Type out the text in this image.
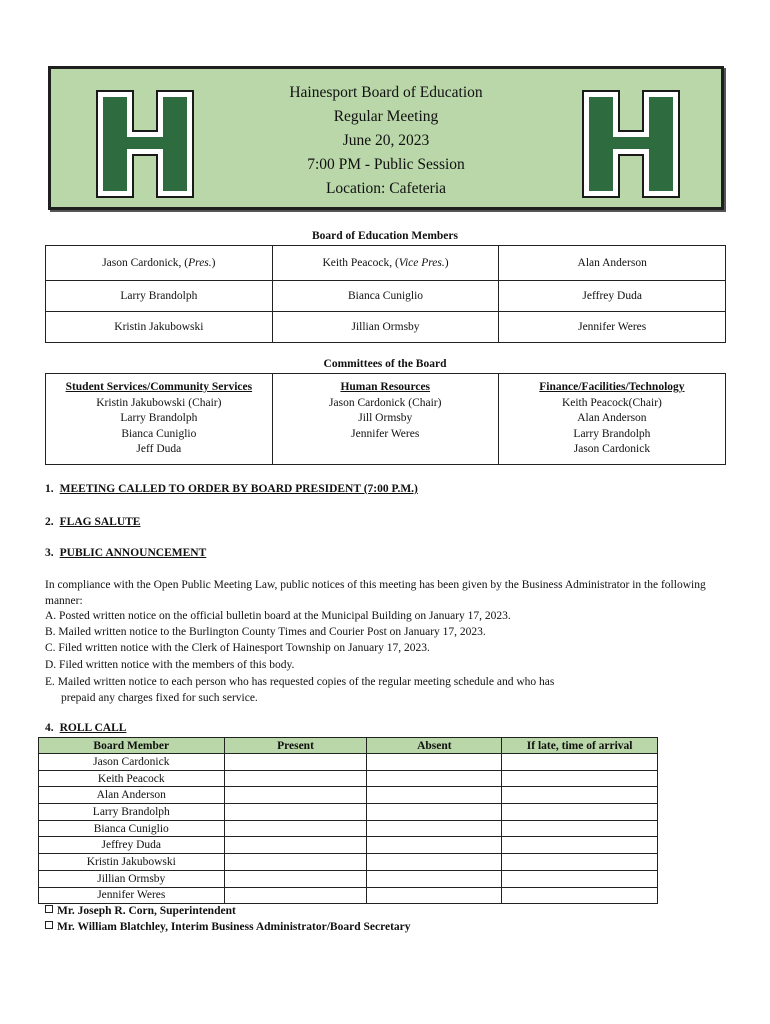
Hainesport Board of Education
Regular Meeting
June 20, 2023
7:00 PM - Public Session
Location: Cafeteria
Board of Education Members
Jason Cardonick, (Pres.)	Keith Peacock, (Vice Pres.)	Alan Anderson
Larry Brandolph	Bianca Cuniglio	Jeffrey Duda
Kristin Jakubowski	Jillian Ormsby	Jennifer Weres
Committees of the Board
Student Services/Community Services
Kristin Jakubowski (Chair)
Larry Brandolph
Bianca Cuniglio
Jeff Duda

Human Resources
Jason Cardonick (Chair)
Jill Ormsby
Jennifer Weres

Finance/Facilities/Technology
Keith Peacock(Chair)
Alan Anderson
Larry Brandolph
Jason Cardonick
1. MEETING CALLED TO ORDER BY BOARD PRESIDENT (7:00 P.M.)
2. FLAG SALUTE
3. PUBLIC ANNOUNCEMENT
In compliance with the Open Public Meeting Law, public notices of this meeting has been given by the Business Administrator in the following manner:
A. Posted written notice on the official bulletin board at the Municipal Building on January 17, 2023.
B. Mailed written notice to the Burlington County Times and Courier Post on January 17, 2023.
C. Filed written notice with the Clerk of Hainesport Township on January 17, 2023.
D. Filed written notice with the members of this body.
E. Mailed written notice to each person who has requested copies of the regular meeting schedule and who has
prepaid any charges fixed for such service.
4. ROLL CALL
Board Member	Present	Absent	If late, time of arrival
Jason Cardonick			
Keith Peacock			
Alan Anderson			
Larry Brandolph			
Bianca Cuniglio			
Jeffrey Duda			
Kristin Jakubowski			
Jillian Ormsby			
Jennifer Weres			
Mr. Joseph R. Corn, Superintendent
Mr. William Blatchley, Interim Business Administrator/Board Secretary
